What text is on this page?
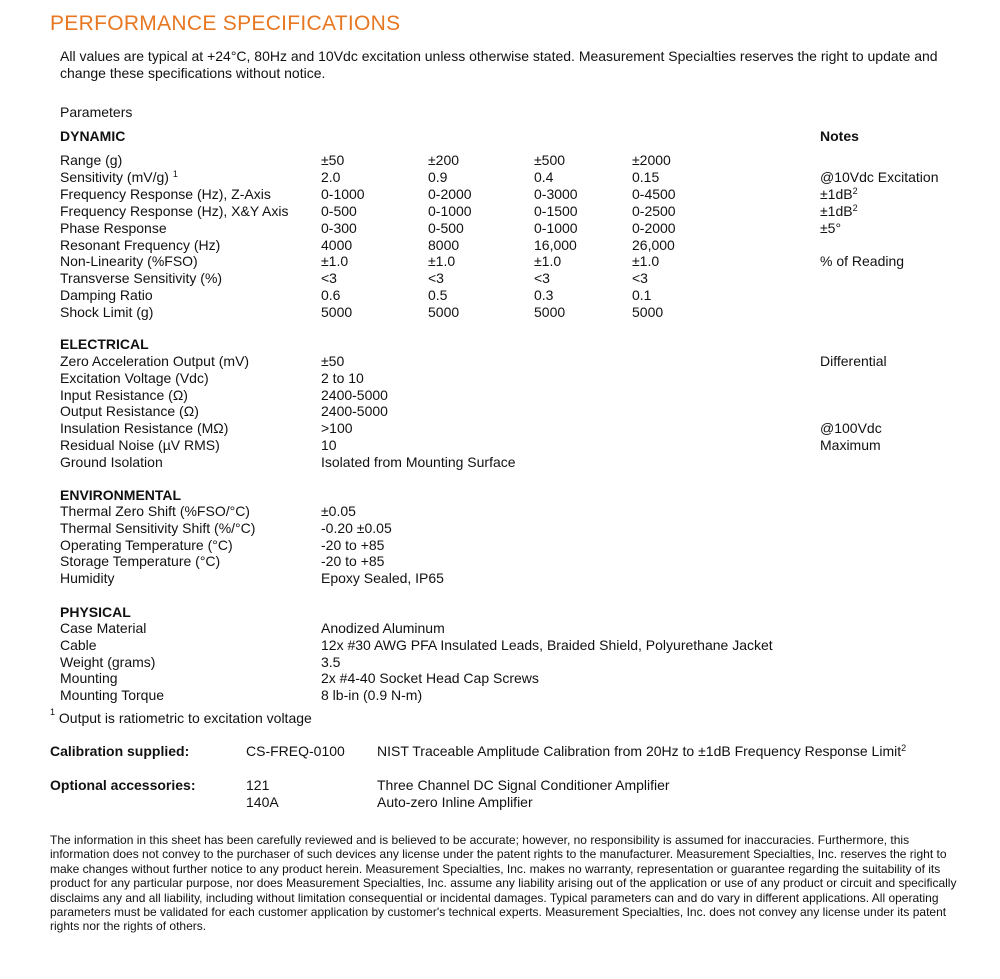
PERFORMANCE SPECIFICATIONS
All values are typical at +24°C, 80Hz and 10Vdc excitation unless otherwise stated. Measurement Specialties reserves the right to update and change these specifications without notice.
Parameters
Notes
DYNAMIC
Range (g)	±50	±200	±500	±2000
Sensitivity (mV/g) $^1$	2.0	0.9	0.4	0.15	@10Vdc Excitation
Frequency Response (Hz), Z-Axis	0-1000	0-2000	0-3000	0-4500	$\pm 1dB^2$
Frequency Response (Hz), X&Y Axis 0-500	0-1000	0-1500	0-2500	$\pm 1dB^2$
Phase Response	0-300	0-500	0-1000	0-2000	±5°
Resonant Frequency (Hz)	4000	8000	16,000	26,000
Non-Linearity (%FSO)	±1.0	±1.0	±1.0	±1.0	% of Reading
Transverse Sensitivity (%)	<3	<3	<3	<3
Damping Ratio	0.6	0.5	0.3	0.1
Shock Limit (g)	5000	5000	5000	5000
ELECTRICAL
Zero Acceleration Output (mV)	±50	Differential
Excitation Voltage (Vdc)	2 to 10
Input Resistance (Ω)	2400-5000
Output Resistance (Ω)	2400-5000
Insulation Resistance (MΩ)	>100	@100Vdc
Residual Noise (µV RMS)	10	Maximum
Ground Isolation	Isolated from Mounting Surface
ENVIRONMENTAL
Thermal Zero Shift (%FSO/°C)	±0.05
Thermal Sensitivity Shift (%/°C)	-0.20 ±0.05
Operating Temperature (°C)	-20 to +85
Storage Temperature (°C)	-20 to +85
Humidity	Epoxy Sealed, IP65
PHYSICAL
Case Material	Anodized Aluminum
Cable	12x #30 AWG PFA Insulated Leads, Braided Shield, Polyurethane Jacket
Weight (grams)	3.5
Mounting	2x #4-40 Socket Head Cap Screws
Mounting Torque	8 lb-in (0.9 N-m)
$^1$ Output is ratiometric to excitation voltage
Calibration supplied:	CS-FREQ-0100 NIST Traceable Amplitude Calibration from 20Hz to ±1dB Frequency Response Limit$^2$
Optional accessories:	121	Three Channel DC Signal Conditioner Amplifier
140A	Auto-zero Inline Amplifier
The information in this sheet has been carefully reviewed and is believed to be accurate; however, no responsibility is assumed for inaccuracies. Furthermore, this information does not convey to the purchaser of such devices any license under the patent rights to the manufacturer. Measurement Specialties, Inc. reserves the right to make changes without further notice to any product herein. Measurement Specialties, Inc. makes no warranty, representation or guarantee regarding the suitability of its product for any particular purpose, nor does Measurement Specialties, Inc. assume any liability arising out of the application or use of any product or circuit and specifically disclaims any and all liability, including without limitation consequential or incidental damages. Typical parameters can and do vary in different applications. All operating parameters must be validated for each customer application by customer's technical experts. Measurement Specialties, Inc. does not convey any license under its patent rights nor the rights of others.
